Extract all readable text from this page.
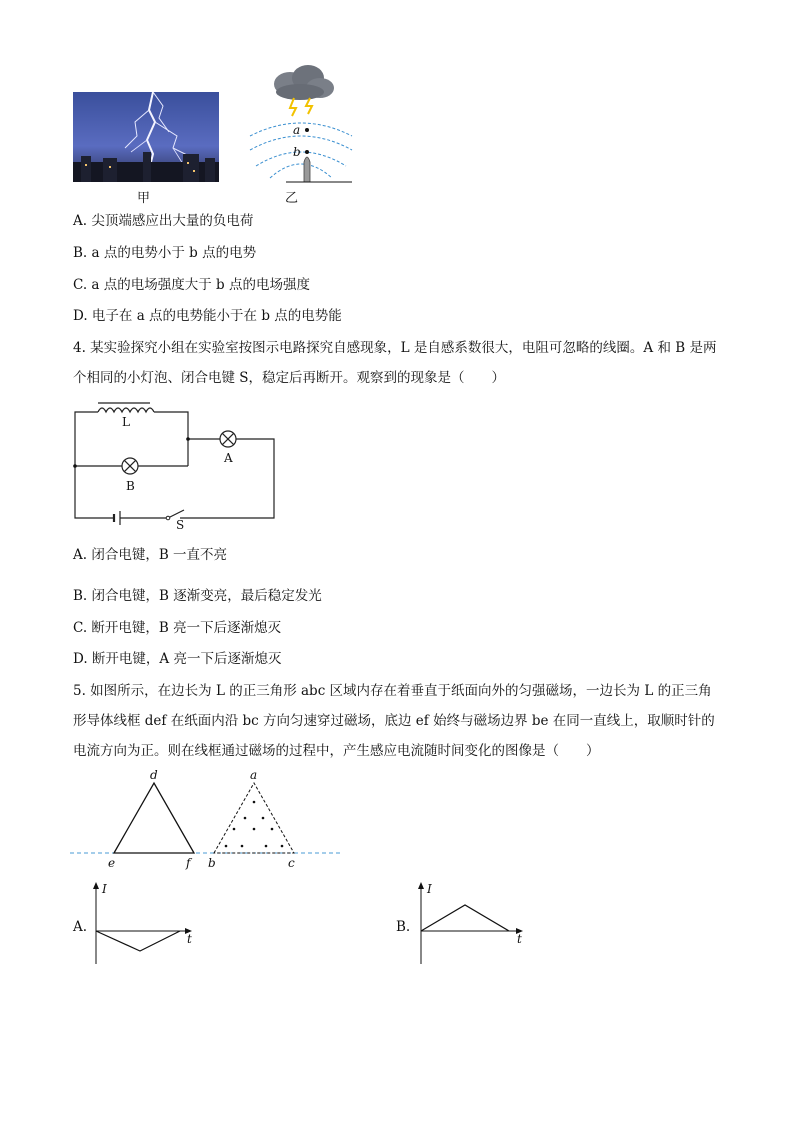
甲
a
b
乙
A. 尖顶端感应出大量的负电荷
B. a 点的电势小于 b 点的电势
C. a 点的电场强度大于 b 点的电场强度
D. 电子在 a 点的电势能小于在 b 点的电势能
4. 某实验探究小组在实验室按图示电路探究自感现象，L 是自感系数很大，电阻可忽略的线圈。A 和 B 是两个相同的小灯泡、闭合电键 S，稳定后再断开。观察到的现象是（　　）
L
A
B
S
A. 闭合电键，B 一直不亮
B. 闭合电键，B 逐渐变亮，最后稳定发光
C. 断开电键，B 亮一下后逐渐熄灭
D. 断开电键，A 亮一下后逐渐熄灭
5. 如图所示，在边长为 L 的正三角形 abc 区域内存在着垂直于纸面向外的匀强磁场，一边长为 L 的正三角形导体线框 def 在纸面内沿 bc 方向匀速穿过磁场，底边 ef 始终与磁场边界 be 在同一直线上，取顺时针的电流方向为正。则在线框通过磁场的过程中，产生感应电流随时间变化的图像是（　　）
d
e	f
a
b	c
A.
I
t
B.
I
t
